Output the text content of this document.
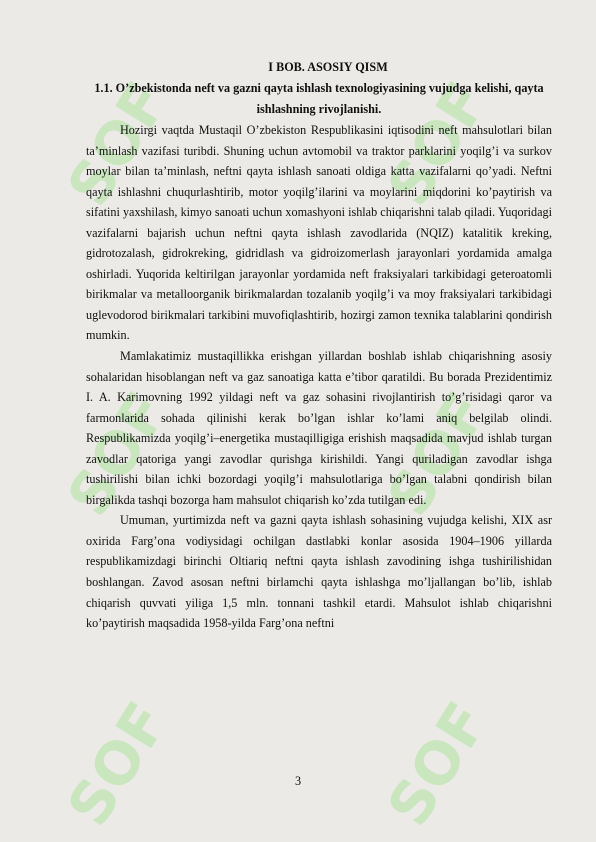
SOF	SOF
SOF	SOF
SOF	SOF
I BOB. ASOSIY QISM
1.1. O’zbekistonda neft va gazni qayta ishlash texnologiyasining vujudga kelishi, qayta ishlashning rivojlanishi.

Hozirgi vaqtda Mustaqil O’zbekiston Respublikasini iqtisodini neft mahsulotlari bilan ta’minlash vazifasi turibdi. Shuning uchun avtomobil va traktor parklarini yoqilg’i va surkov moylar bilan ta’minlash, neftni qayta ishlash sanoati oldiga katta vazifalarni qo’yadi. Neftni qayta ishlashni chuqurlashtirib, motor yoqilg’ilarini va moylarini miqdorini ko’paytirish va sifatini yaxshilash, kimyo sanoati uchun xomashyoni ishlab chiqarishni talab qiladi. Yuqoridagi vazifalarni bajarish uchun neftni qayta ishlash zavodlarida (NQIZ) katalitik kreking, gidrotozalash, gidrokreking, gidridlash va gidroizomerlash jarayonlari yordamida amalga oshirladi. Yuqorida keltirilgan jarayonlar yordamida neft fraksiyalari tarkibidagi geteroatomli birikmalar va metalloorganik birikmalardan tozalanib yoqilg’i va moy fraksiyalari tarkibidagi uglevodorod birikmalari tarkibini muvofiqlashtirib, hozirgi zamon texnika talablarini qondirish mumkin.

Mamlakatimiz mustaqillikka erishgan yillardan boshlab ishlab chiqarishning asosiy sohalaridan hisoblangan neft va gaz sanoatiga katta e’tibor qaratildi. Bu borada Prezidentimiz I. A. Karimovning 1992 yildagi neft va gaz sohasini rivojlantirish to’g’risidagi qaror va farmonlarida sohada qilinishi kerak bo’lgan ishlar ko’lami aniq belgilab olindi. Respublikamizda yoqilg’i–energetika mustaqilligiga erishish maqsadida mavjud ishlab turgan zavodlar qatoriga yangi zavodlar qurishga kirishildi. Yangi quriladigan zavodlar ishga tushirilishi bilan ichki bozordagi yoqilg’i mahsulotlariga bo’lgan talabni qondirish bilan birgalikda tashqi bozorga ham mahsulot chiqarish ko’zda tutilgan edi.

Umuman, yurtimizda neft va gazni qayta ishlash sohasining vujudga kelishi, XIX asr oxirida Farg’ona vodiysidagi ochilgan dastlabki konlar asosida 1904–1906 yillarda respublikamizdagi birinchi Oltiariq neftni qayta ishlash zavodining ishga tushirilishidan boshlangan. Zavod asosan neftni birlamchi qayta ishlashga mo’ljallangan bo’lib, ishlab chiqarish quvvati yiliga 1,5 mln. tonnani tashkil etardi. Mahsulot ishlab chiqarishni ko’paytirish maqsadida 1958-yilda Farg’ona neftni

3
